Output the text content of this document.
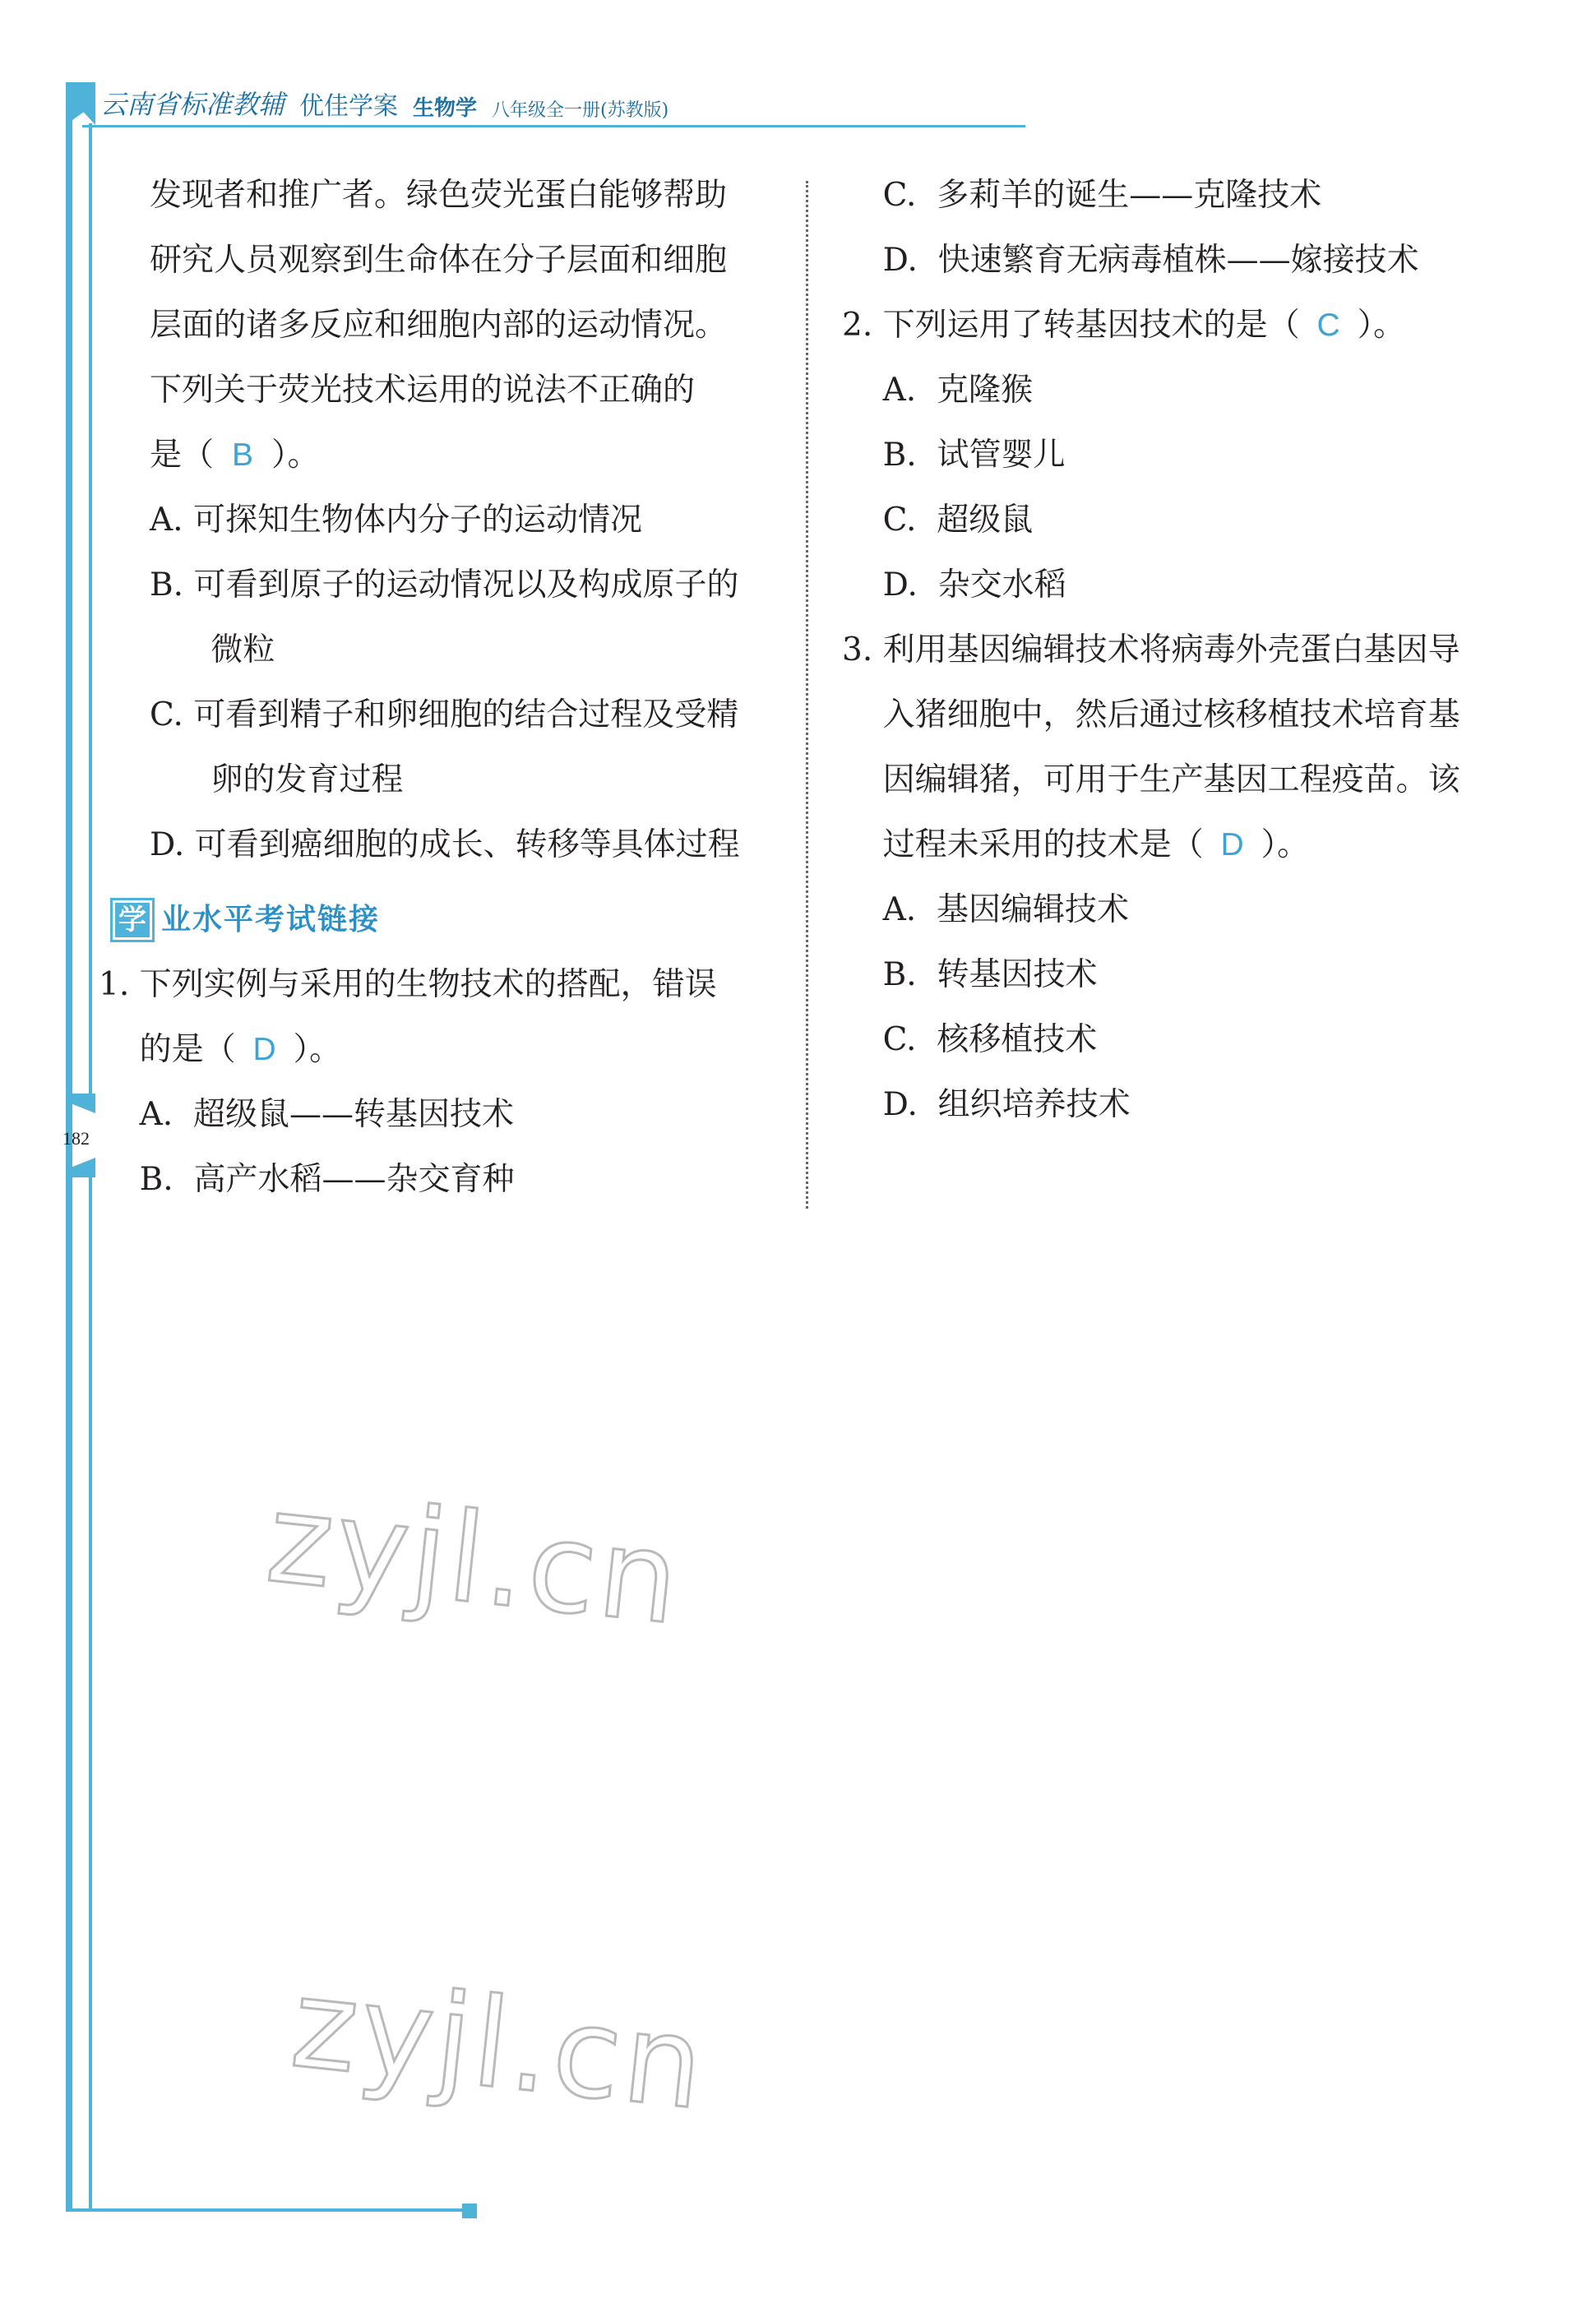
云南省标准教辅 优佳学案 生物学 八年级全一册(苏教版)
182
发现者和推广者。绿色荧光蛋白能够帮助
研究人员观察到生命体在分子层面和细胞
层面的诸多反应和细胞内部的运动情况。
下列关于荧光技术运用的说法不正确的
是（ B ）。
A. 可探知生物体内分子的运动情况
B. 可看到原子的运动情况以及构成原子的
微粒
C. 可看到精子和卵细胞的结合过程及受精
卵的发育过程
D. 可看到癌细胞的成长、转移等具体过程
学 业水平考试链接
1. 下列实例与采用的生物技术的搭配，错误
的是（ D ）。
A.  超级鼠——转基因技术
B.  高产水稻——杂交育种
C.  多莉羊的诞生——克隆技术
D.  快速繁育无病毒植株——嫁接技术
2. 下列运用了转基因技术的是（ C ）。
A.  克隆猴
B.  试管婴儿
C.  超级鼠
D.  杂交水稻
3. 利用基因编辑技术将病毒外壳蛋白基因导
入猪细胞中，然后通过核移植技术培育基
因编辑猪，可用于生产基因工程疫苗。该
过程未采用的技术是（ D ）。
A.  基因编辑技术
B.  转基因技术
C.  核移植技术
D.  组织培养技术
zyjl.cn
zyjl.cn
